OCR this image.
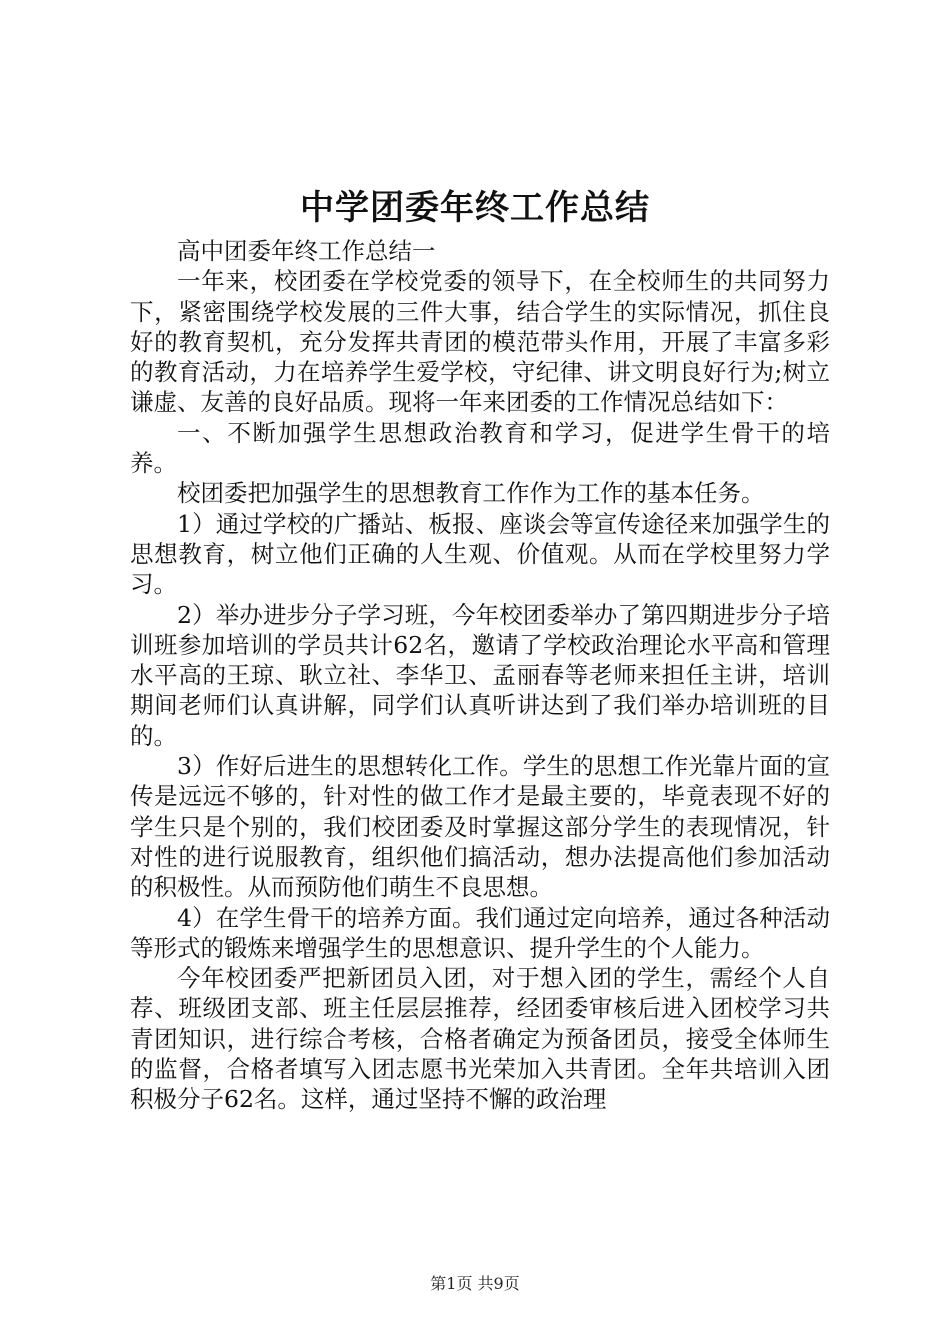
中学团委年终工作总结

高中团委年终工作总结一

一年来，校团委在学校党委的领导下，在全校师生的共同努力下，紧密围绕学校发展的三件大事，结合学生的实际情况，抓住良好的教育契机，充分发挥共青团的模范带头作用，开展了丰富多彩的教育活动，力在培养学生爱学校，守纪律、讲文明良好行为;树立谦虚、友善的良好品质。现将一年来团委的工作情况总结如下：

一、不断加强学生思想政治教育和学习，促进学生骨干的培养。

校团委把加强学生的思想教育工作作为工作的基本任务。

1）通过学校的广播站、板报、座谈会等宣传途径来加强学生的思想教育，树立他们正确的人生观、价值观。从而在学校里努力学习。

2）举办进步分子学习班，今年校团委举办了第四期进步分子培训班参加培训的学员共计62名，邀请了学校政治理论水平高和管理水平高的王琼、耿立社、李华卫、孟丽春等老师来担任主讲，培训期间老师们认真讲解，同学们认真听讲达到了我们举办培训班的目的。

3）作好后进生的思想转化工作。学生的思想工作光靠片面的宣传是远远不够的，针对性的做工作才是最主要的，毕竟表现不好的学生只是个别的，我们校团委及时掌握这部分学生的表现情况，针对性的进行说服教育，组织他们搞活动，想办法提高他们参加活动的积极性。从而预防他们萌生不良思想。

4）在学生骨干的培养方面。我们通过定向培养，通过各种活动等形式的锻炼来增强学生的思想意识、提升学生的个人能力。

今年校团委严把新团员入团，对于想入团的学生，需经个人自荐、班级团支部、班主任层层推荐，经团委审核后进入团校学习共青团知识，进行综合考核，合格者确定为预备团员，接受全体师生的监督，合格者填写入团志愿书光荣加入共青团。全年共培训入团积极分子62名。这样，通过坚持不懈的政治理

第1页 共9页
